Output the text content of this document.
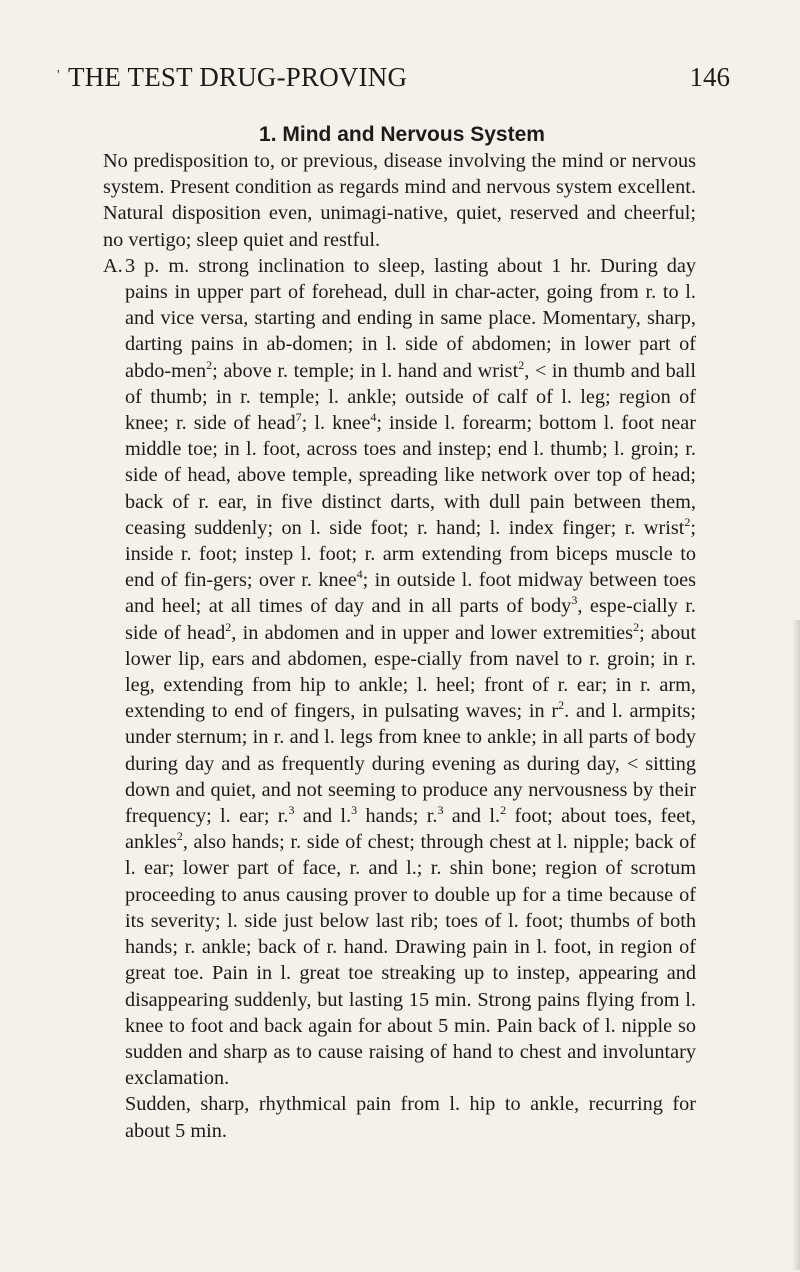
' THE TEST DRUG-PROVING	146
1. Mind and Nervous System

No predisposition to, or previous, disease involving the mind or nervous system. Present condition as regards mind and nervous system excellent. Natural disposition even, unimagi-native, quiet, reserved and cheerful; no vertigo; sleep quiet and restful.

A. 3 p. m. strong inclination to sleep, lasting about 1 hr. During day pains in upper part of forehead, dull in char-acter, going from r. to l. and vice versa, starting and ending in same place. Momentary, sharp, darting pains in ab-domen; in l. side of abdomen; in lower part of abdo-men$^2$; above r. temple; in l. hand and wrist$^2$, < in thumb and ball of thumb; in r. temple; l. ankle; outside of calf of l. leg; region of knee; r. side of head$^7$; l. knee$^4$; inside l. forearm; bottom l. foot near middle toe; in l. foot, across toes and instep; end l. thumb; l. groin; r. side of head, above temple, spreading like network over top of head; back of r. ear, in five distinct darts, with dull pain between them, ceasing suddenly; on l. side foot; r. hand; l. index finger; r. wrist$^2$; inside r. foot; instep l. foot; r. arm extending from biceps muscle to end of fin-gers; over r. knee$^4$; in outside l. foot midway between toes and heel; at all times of day and in all parts of body$^3$, espe-cially r. side of head$^2$, in abdomen and in upper and lower extremities$^2$; about lower lip, ears and abdomen, espe-cially from navel to r. groin; in r. leg, extending from hip to ankle; l. heel; front of r. ear; in r. arm, extending to end of fingers, in pulsating waves; in $r^2$. and l. armpits; under sternum; in r. and l. legs from knee to ankle; in all parts of body during day and as frequently during evening as during day, < sitting down and quiet, and not seeming to produce any nervousness by their frequency; l. ear; r.$^3$ and l.$^3$ hands; r.$^3$ and l.$^2$ foot; about toes, feet, ankles$^2$, also hands; r. side of chest; through chest at l. nipple; back of l. ear; lower part of face, r. and l.; r. shin bone; region of scrotum proceeding to anus causing prover to double up for a time because of its severity; l. side just below last rib; toes of l. foot; thumbs of both hands; r. ankle; back of r. hand. Drawing pain in l. foot, in region of great toe. Pain in l. great toe streaking up to instep, appearing and disappearing suddenly, but lasting 15 min. Strong pains flying from l. knee to foot and back again for about 5 min. Pain back of l. nipple so sudden and sharp as to cause raising of hand to chest and involuntary exclamation.
Sudden, sharp, rhythmical pain from l. hip to ankle, recurring for about 5 min.
